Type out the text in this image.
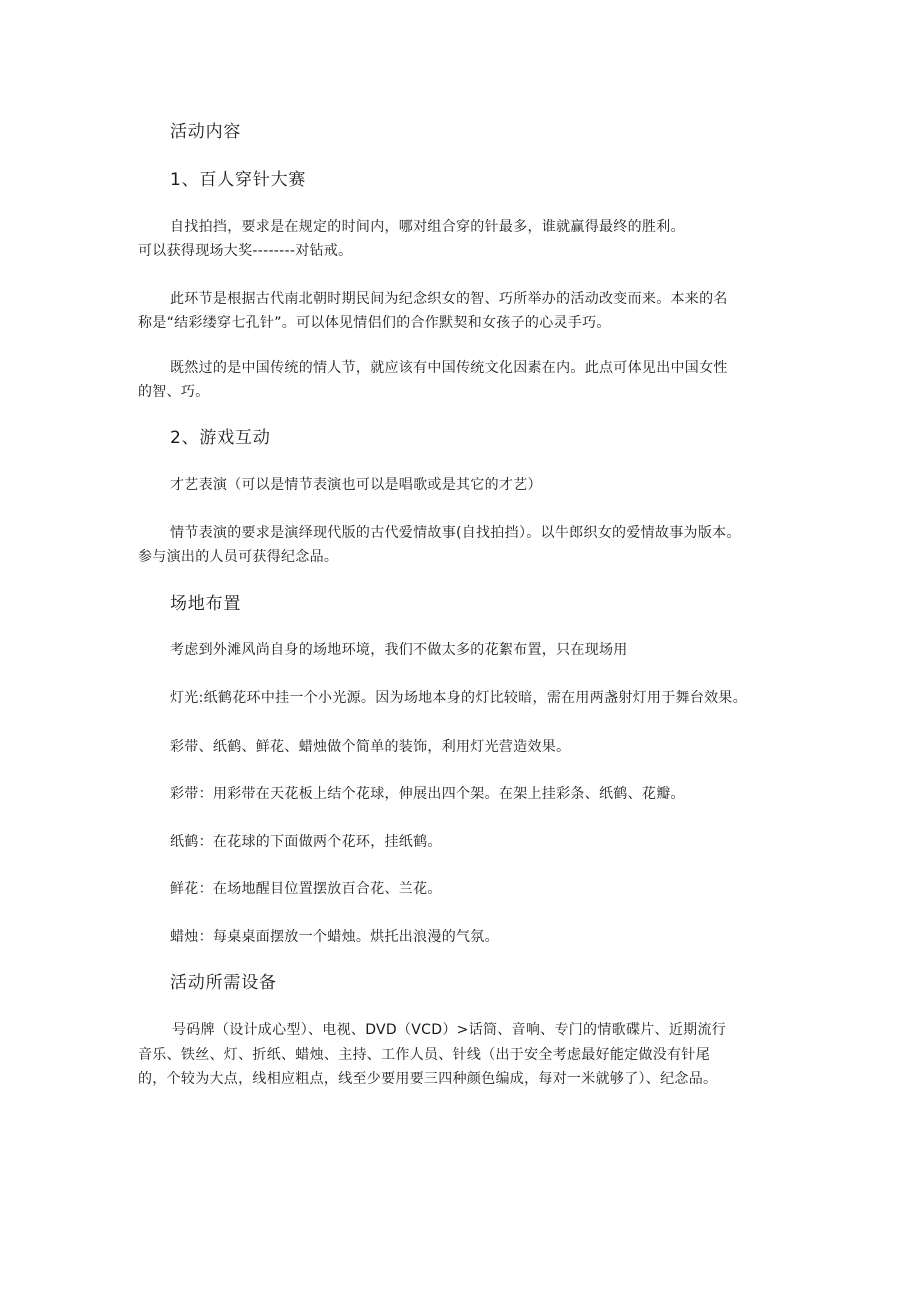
活动内容
1、百人穿针大赛
自找拍挡，要求是在规定的时间内，哪对组合穿的针最多，谁就赢得最终的胜利。
可以获得现场大奖--------对钻戒。
此环节是根据古代南北朝时期民间为纪念织女的智、巧所举办的活动改变而来。本来的名
称是“结彩缕穿七孔针”。可以体见情侣们的合作默契和女孩子的心灵手巧。
既然过的是中国传统的情人节，就应该有中国传统文化因素在内。此点可体见出中国女性
的智、巧。
2、游戏互动
才艺表演（可以是情节表演也可以是唱歌或是其它的才艺）
情节表演的要求是演绎现代版的古代爱情故事(自找拍挡）。以牛郎织女的爱情故事为版本。
参与演出的人员可获得纪念品。
场地布置
考虑到外滩风尚自身的场地环境，我们不做太多的花絮布置，只在现场用
灯光:纸鹤花环中挂一个小光源。因为场地本身的灯比较暗，需在用两盏射灯用于舞台效果。
彩带、纸鹤、鲜花、蜡烛做个简单的装饰，利用灯光营造效果。
彩带：用彩带在天花板上结个花球，伸展出四个架。在架上挂彩条、纸鹤、花瓣。
纸鹤：在花球的下面做两个花环，挂纸鹤。
鲜花：在场地醒目位置摆放百合花、兰花。
蜡烛：每桌桌面摆放一个蜡烛。烘托出浪漫的气氛。
活动所需设备
号码牌（设计成心型）、电视、DVD（VCD）>话筒、音响、专门的情歌碟片、近期流行
音乐、铁丝、灯、折纸、蜡烛、主持、工作人员、针线（出于安全考虑最好能定做没有针尾
的，个较为大点，线相应粗点，线至少要用要三四种颜色编成，每对一米就够了）、纪念品。
